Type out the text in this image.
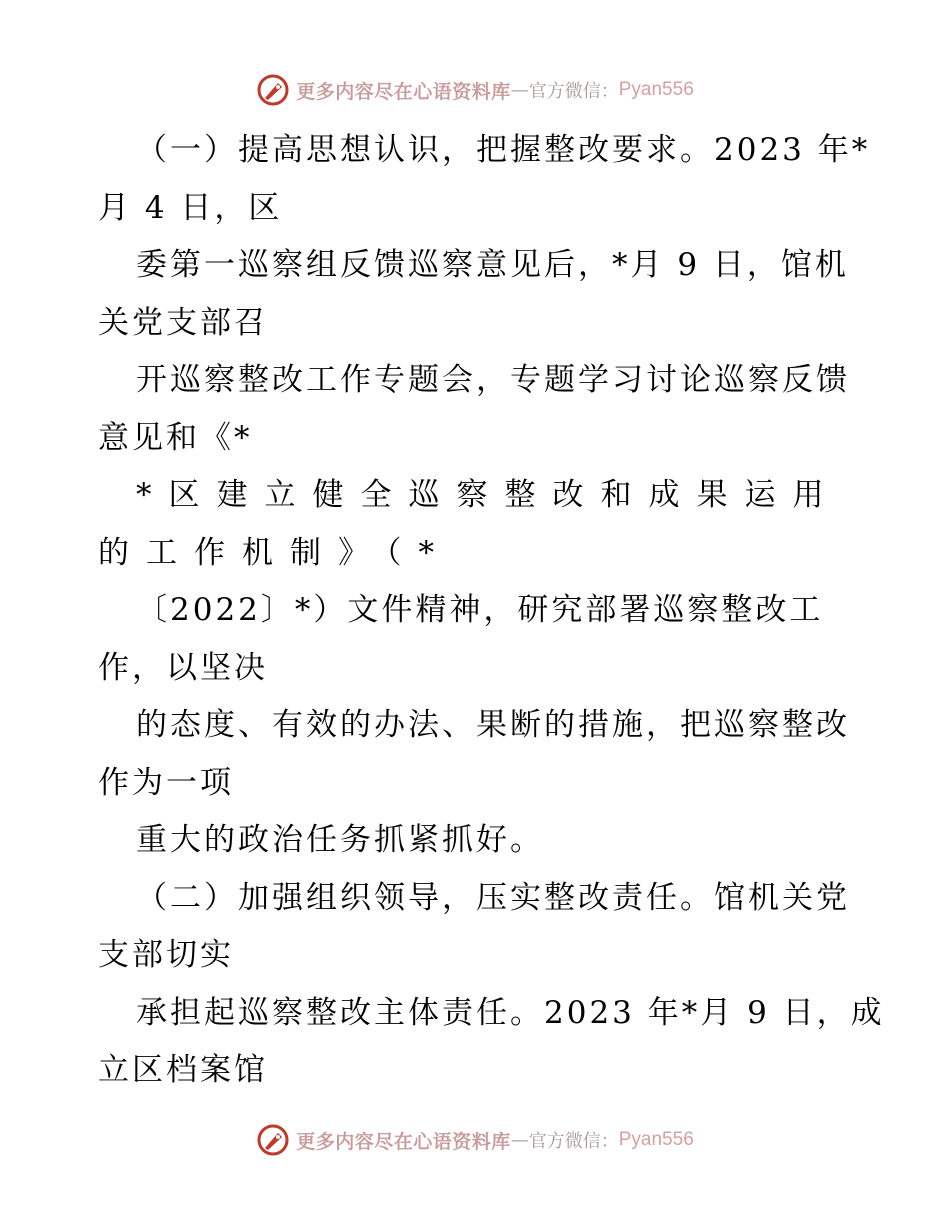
更多内容尽在心语资料库 — 官方微信： Pyan556
（一）提高思想认识，把握整改要求。2023 年*
月 4 日，区
委第一巡察组反馈巡察意见后，*月 9 日，馆机
关党支部召
开巡察整改工作专题会，专题学习讨论巡察反馈
意见和《*
*区建立健全巡察整改和成果运用
的工作机制》（*
〔2022〕*）文件精神，研究部署巡察整改工
作，以坚决
的态度、有效的办法、果断的措施，把巡察整改
作为一项
重大的政治任务抓紧抓好。
（二）加强组织领导，压实整改责任。馆机关党
支部切实
承担起巡察整改主体责任。2023 年*月 9 日，成
立区档案馆
更多内容尽在心语资料库 — 官方微信： Pyan556
